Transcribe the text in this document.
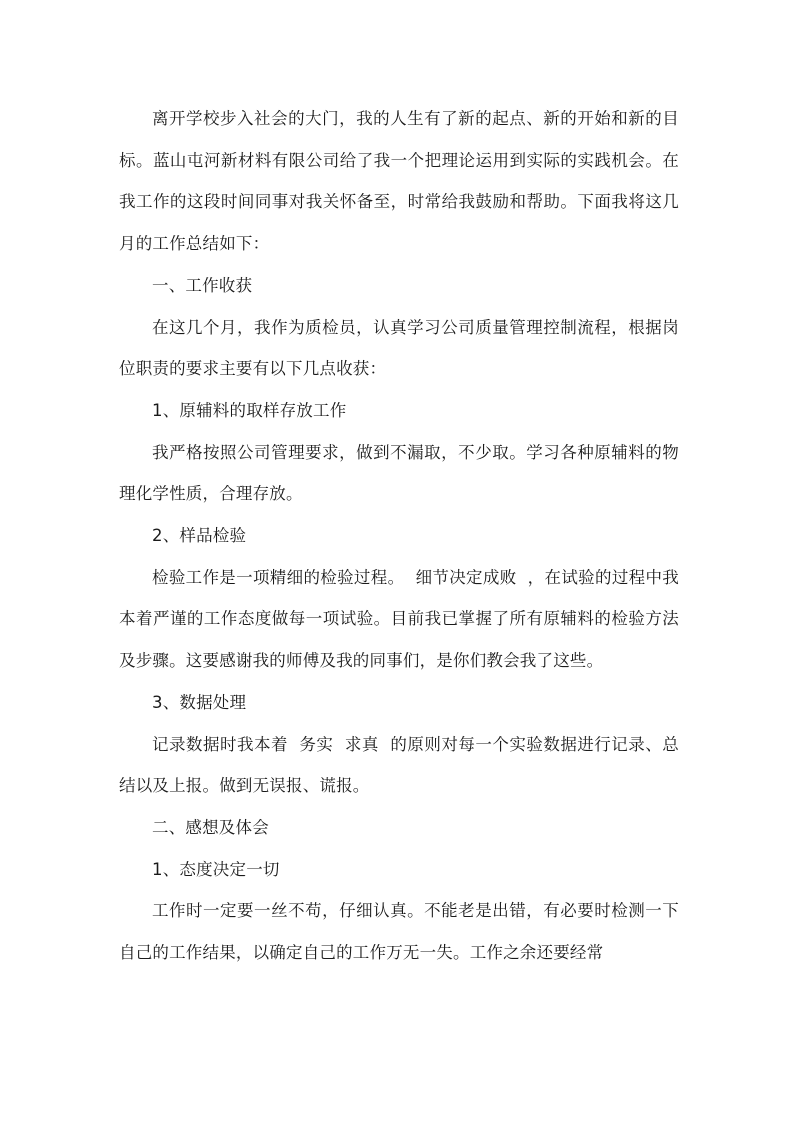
离开学校步入社会的大门，我的人生有了新的起点、新的开始和新的目标。蓝山屯河新材料有限公司给了我一个把理论运用到实际的实践机会。在我工作的这段时间同事对我关怀备至，时常给我鼓励和帮助。下面我将这几月的工作总结如下：

一、工作收获

在这几个月，我作为质检员，认真学习公司质量管理控制流程，根据岗位职责的要求主要有以下几点收获：

1、原辅料的取样存放工作

我严格按照公司管理要求，做到不漏取，不少取。学习各种原辅料的物理化学性质，合理存放。

2、样品检验

检验工作是一项精细的检验过程。  细节决定成败  ，在试验的过程中我本着严谨的工作态度做每一项试验。目前我已掌握了所有原辅料的检验方法及步骤。这要感谢我的师傅及我的同事们，是你们教会我了这些。

3、数据处理

记录数据时我本着  务实  求真  的原则对每一个实验数据进行记录、总结以及上报。做到无误报、谎报。

二、感想及体会

1、态度决定一切

工作时一定要一丝不苟，仔细认真。不能老是出错，有必要时检测一下自己的工作结果，以确定自己的工作万无一失。工作之余还要经常
